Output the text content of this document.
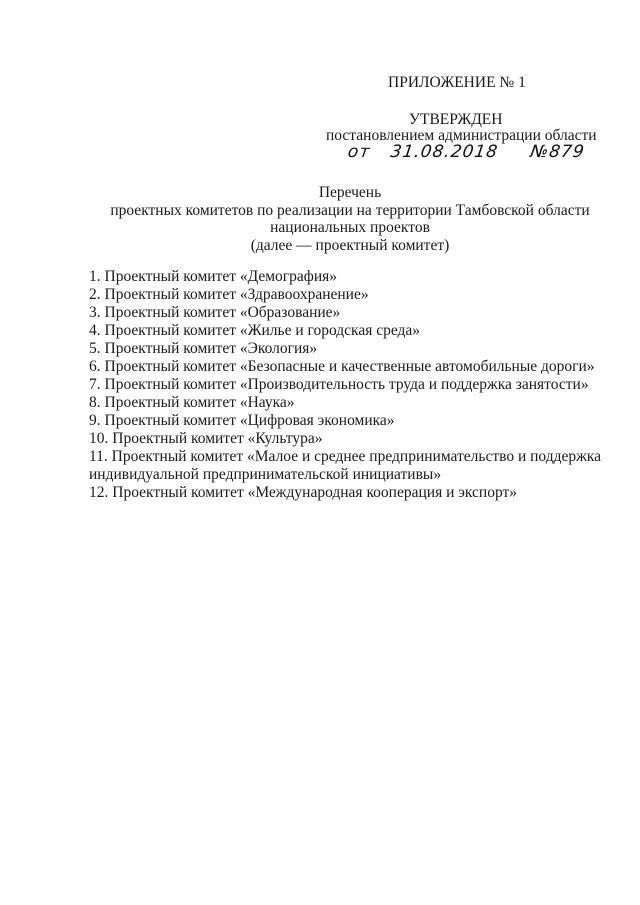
ПРИЛОЖЕНИЕ № 1
УТВЕРЖДЕН
постановлением администрации области
от 31.08.2018 №879
Перечень
проектных комитетов по реализации на территории Тамбовской области
национальных проектов
(далее — проектный комитет)
1. Проектный комитет «Демография»
2. Проектный комитет «Здравоохранение»
3. Проектный комитет «Образование»
4. Проектный комитет «Жилье и городская среда»
5. Проектный комитет «Экология»
6. Проектный комитет «Безопасные и качественные автомобильные дороги»
7. Проектный комитет «Производительность труда и поддержка занятости»
8. Проектный комитет «Наука»
9. Проектный комитет «Цифровая экономика»
10. Проектный комитет «Культура»
11. Проектный комитет «Малое и среднее предпринимательство и поддержка индивидуальной предпринимательской инициативы»
12. Проектный комитет «Международная кооперация и экспорт»
